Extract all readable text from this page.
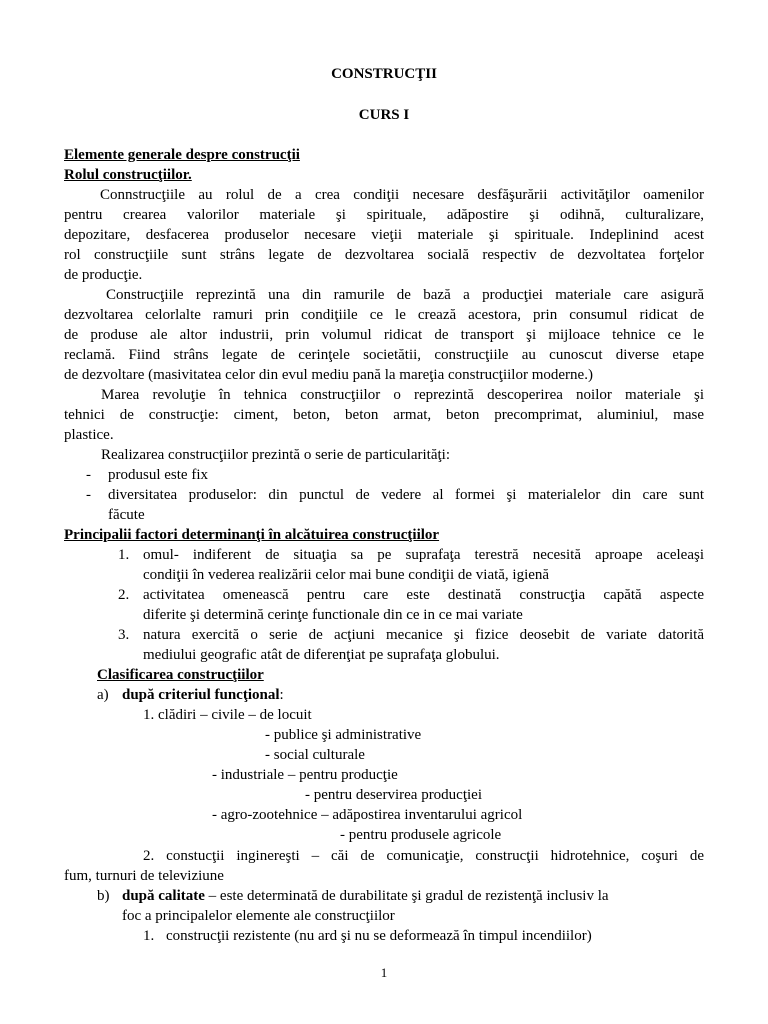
CONSTRUCŢII
CURS I
Elemente generale despre construcţii
Rolul construcţiilor.
Connstrucţiile au rolul de a crea condiţii necesare desfăşurării activităţilor oamenilor
pentru crearea valorilor materiale şi spirituale, adăpostire şi odihnă, culturalizare,
depozitare, desfacerea produselor necesare vieţii materiale şi spirituale. Indeplinind acest
rol construcţiile sunt strâns legate de dezvoltarea socială respectiv de dezvoltatea forţelor
de producţie.
Construcţiile reprezintă una din ramurile de bază a producţiei materiale care asigură
dezvoltarea celorlalte ramuri prin condiţiile ce le crează acestora, prin consumul ridicat de
de produse ale altor industrii, prin volumul ridicat de transport şi mijloace tehnice ce le
reclamă. Fiind strâns legate de cerinţele societătii, construcţiile au cunoscut diverse etape
de dezvoltare (masivitatea celor din evul mediu pană la mareţia construcţiilor moderne.)
Marea revoluţie în tehnica construcţiilor o reprezintă descoperirea noilor materiale şi
tehnici de construcţie: ciment, beton, beton armat, beton precomprimat, aluminiul, mase
plastice.
Realizarea construcţiilor prezintă o serie de particularităţi:
-	produsul este fix
-	diversitatea produselor: din punctul de vedere al formei şi materialelor din care sunt
făcute
Principalii factori determinanţi în alcătuirea construcţiilor
1. omul- indiferent de situaţia sa pe suprafaţa terestră necesită aproape aceleaşi
condiţii în vederea realizării celor mai bune condiţii de viată, igienă
2. activitatea omenească pentru care este destinată construcţia capătă aspecte
diferite şi determină cerinţe functionale din ce in ce mai variate
3. natura exercită o serie de acţiuni mecanice şi fizice deosebit de variate datorită
mediului geografic atât de diferenţiat pe suprafaţa globului.
Clasificarea construcţiilor
a) după criteriul funcţional:
1. clădiri – civile – de locuit
- publice şi administrative
- social culturale
- industriale – pentru producţie
- pentru deservirea producţiei
- agro-zootehnice – adăpostirea inventarului agricol
- pentru produsele agricole
2. constucţii inginereşti – căi de comunicaţie, construcţii hidrotehnice, coşuri de
fum, turnuri de televiziune
b) după calitate – este determinată de durabilitate şi gradul de rezistenţă inclusiv la
foc a principalelor elemente ale construcţiilor
1. construcţii rezistente (nu ard şi nu se deformează în timpul incendiilor)
1
